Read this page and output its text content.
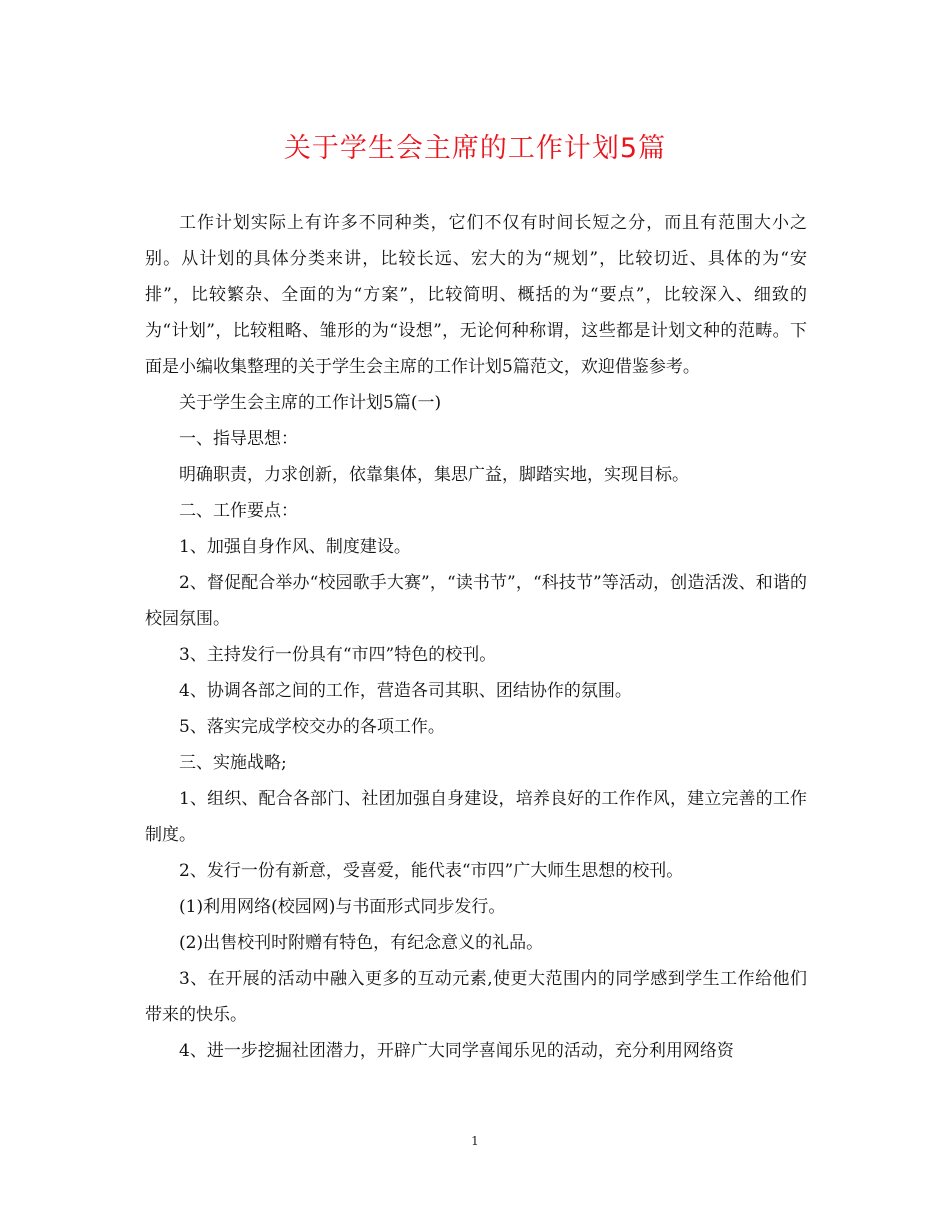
关于学生会主席的工作计划5篇

工作计划实际上有许多不同种类，它们不仅有时间长短之分，而且有范围大小之别。从计划的具体分类来讲，比较长远、宏大的为“规划”，比较切近、具体的为“安排”，比较繁杂、全面的为“方案”，比较简明、概括的为“要点”，比较深入、细致的为“计划”，比较粗略、雏形的为“设想”，无论何种称谓，这些都是计划文种的范畴。下面是小编收集整理的关于学生会主席的工作计划5篇范文，欢迎借鉴参考。

关于学生会主席的工作计划5篇(一)

一、指导思想：

明确职责，力求创新，依靠集体，集思广益，脚踏实地，实现目标。

二、工作要点：

1、加强自身作风、制度建设。

2、督促配合举办“校园歌手大赛”，“读书节”，“科技节”等活动，创造活泼、和谐的校园氛围。

3、主持发行一份具有“市四”特色的校刊。

4、协调各部之间的工作，营造各司其职、团结协作的氛围。

5、落实完成学校交办的各项工作。

三、实施战略;

1、组织、配合各部门、社团加强自身建设，培养良好的工作作风，建立完善的工作制度。

2、发行一份有新意，受喜爱，能代表“市四”广大师生思想的校刊。

(1)利用网络(校园网)与书面形式同步发行。

(2)出售校刊时附赠有特色，有纪念意义的礼品。

3、在开展的活动中融入更多的互动元素,使更大范围内的同学感到学生工作给他们带来的快乐。

4、进一步挖掘社团潜力，开辟广大同学喜闻乐见的活动，充分利用网络资

1
